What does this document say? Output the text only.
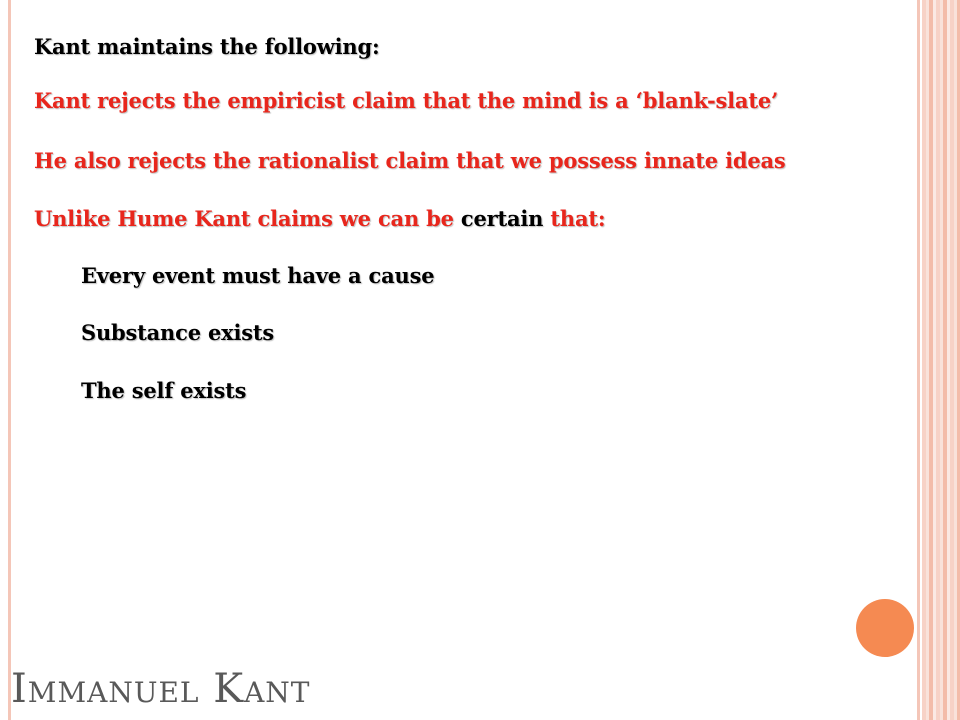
Kant maintains the following:
Kant rejects the empiricist claim that the mind is a ‘blank-slate’
He also rejects the rationalist claim that we possess innate ideas
Unlike Hume Kant claims we can be certain that:
Every event must have a cause
Substance exists
The self exists
Immanuel Kant
